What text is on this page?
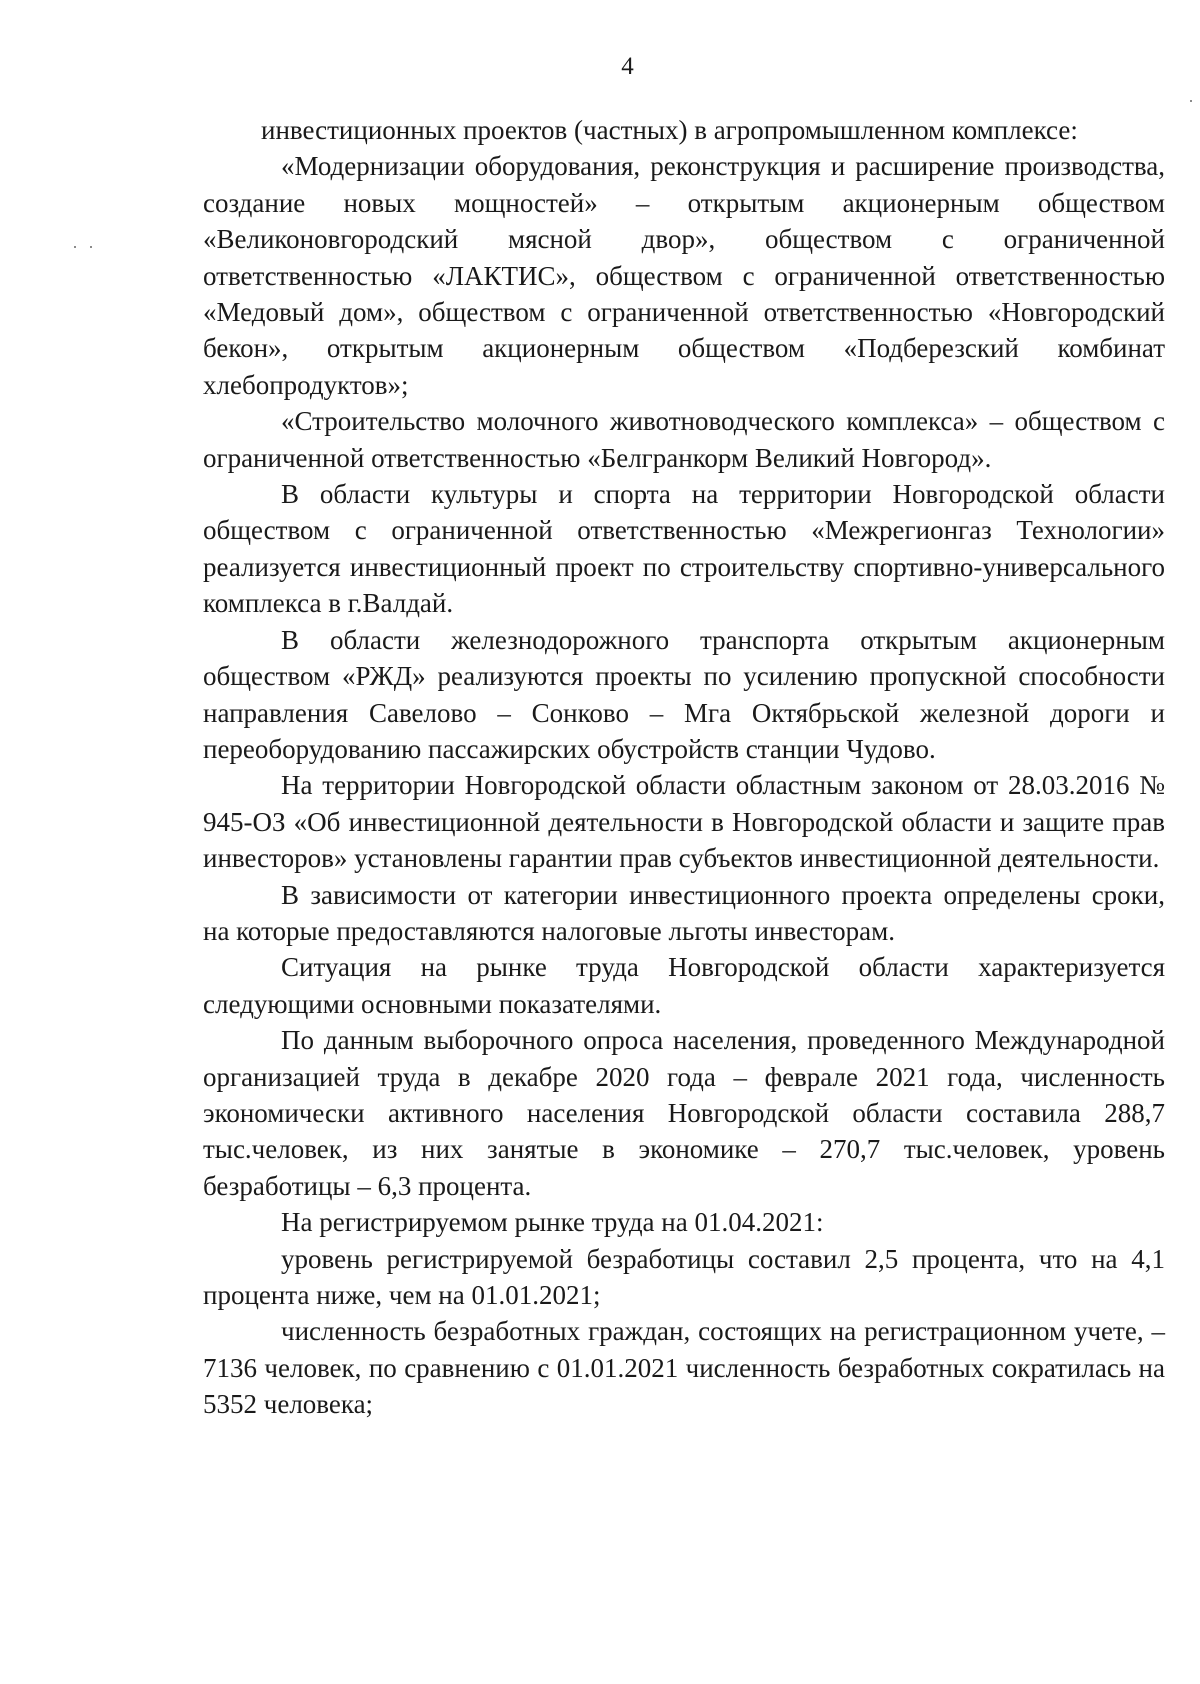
4

инвестиционных проектов (частных) в агропромышленном комплексе:

«Модернизации оборудования, реконструкция и расширение производства, создание новых мощностей» – открытым акционерным обществом «Великоновгородский мясной двор», обществом с ограниченной ответственностью «ЛАКТИС», обществом с ограниченной ответственностью «Медовый дом», обществом с ограниченной ответственностью «Новгородский бекон», открытым акционерным обществом «Подберезский комбинат хлебопродуктов»;

«Строительство молочного животноводческого комплекса» – обществом с ограниченной ответственностью «Белгранкорм Великий Новгород».

В области культуры и спорта на территории Новгородской области обществом с ограниченной ответственностью «Межрегионгаз Технологии» реализуется инвестиционный проект по строительству спортивно-универсального комплекса в г.Валдай.

В области железнодорожного транспорта открытым акционерным обществом «РЖД» реализуются проекты по усилению пропускной способности направления Савелово – Сонково – Мга Октябрьской железной дороги и переоборудованию пассажирских обустройств станции Чудово.

На территории Новгородской области областным законом от 28.03.2016 № 945-ОЗ «Об инвестиционной деятельности в Новгородской области и защите прав инвесторов» установлены гарантии прав субъектов инвестиционной деятельности.

В зависимости от категории инвестиционного проекта определены сроки, на которые предоставляются налоговые льготы инвесторам.

Ситуация на рынке труда Новгородской области характеризуется следующими основными показателями.

По данным выборочного опроса населения, проведенного Международной организацией труда в декабре 2020 года – феврале 2021 года, численность экономически активного населения Новгородской области составила 288,7 тыс.человек, из них занятые в экономике – 270,7 тыс.человек, уровень безработицы – 6,3 процента.

На регистрируемом рынке труда на 01.04.2021:

уровень регистрируемой безработицы составил 2,5 процента, что на 4,1 процента ниже, чем на 01.01.2021;

численность безработных граждан, состоящих на регистрационном учете, – 7136 человек, по сравнению с 01.01.2021 численность безработных сократилась на 5352 человека;
